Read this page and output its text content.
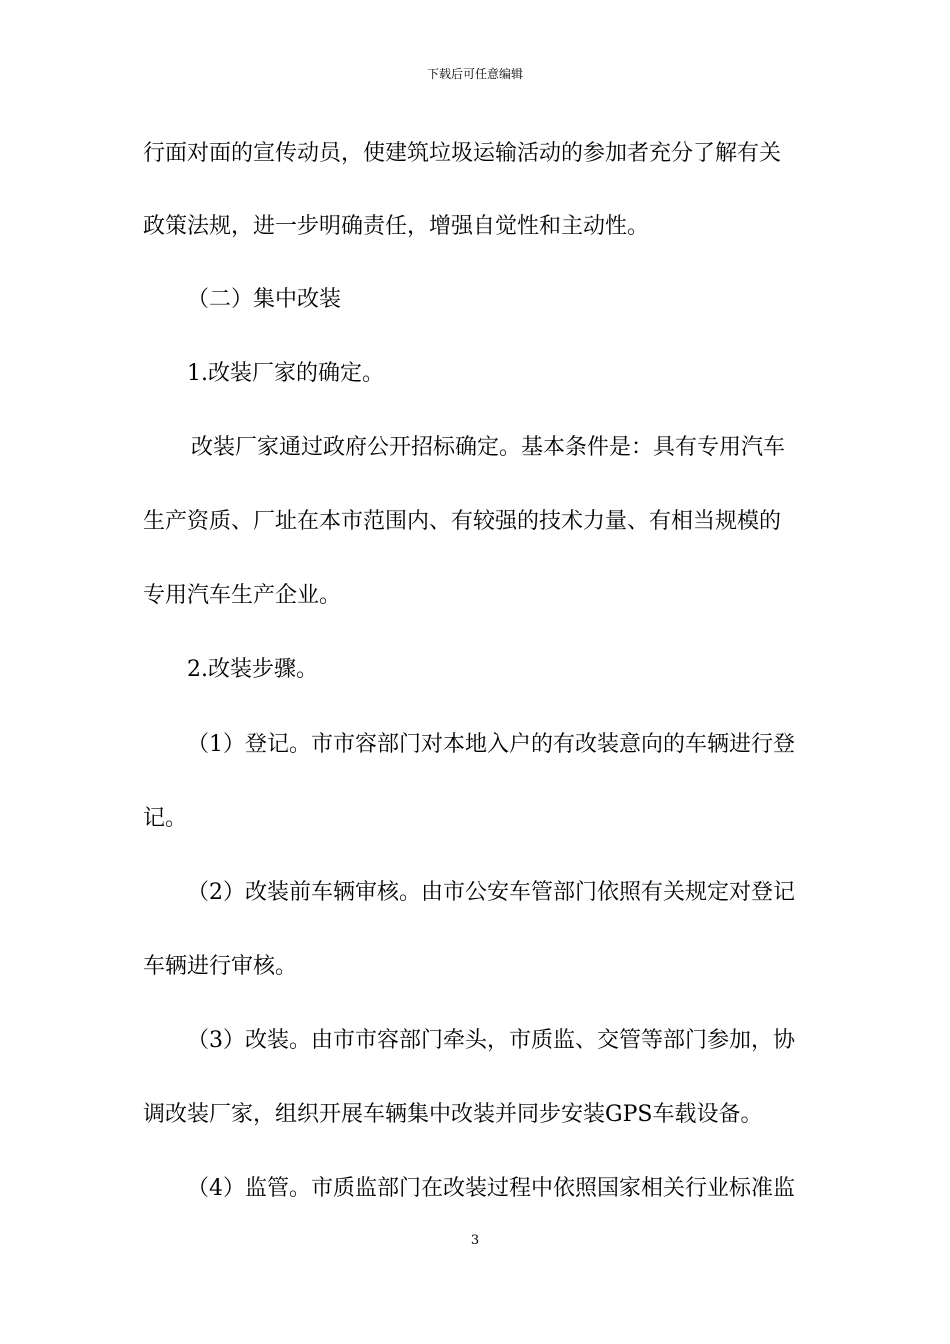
下载后可任意编辑
行面对面的宣传动员，使建筑垃圾运输活动的参加者充分了解有关
政策法规，进一步明确责任，增强自觉性和主动性。
（二）集中改装
1.改装厂家的确定。
改装厂家通过政府公开招标确定。基本条件是：具有专用汽车
生产资质、厂址在本市范围内、有较强的技术力量、有相当规模的
专用汽车生产企业。
2.改装步骤。
（1）登记。市市容部门对本地入户的有改装意向的车辆进行登
记。
（2）改装前车辆审核。由市公安车管部门依照有关规定对登记
车辆进行审核。
（3）改装。由市市容部门牵头，市质监、交管等部门参加，协
调改装厂家，组织开展车辆集中改装并同步安装GPS车载设备。
（4）监管。市质监部门在改装过程中依照国家相关行业标准监
3
